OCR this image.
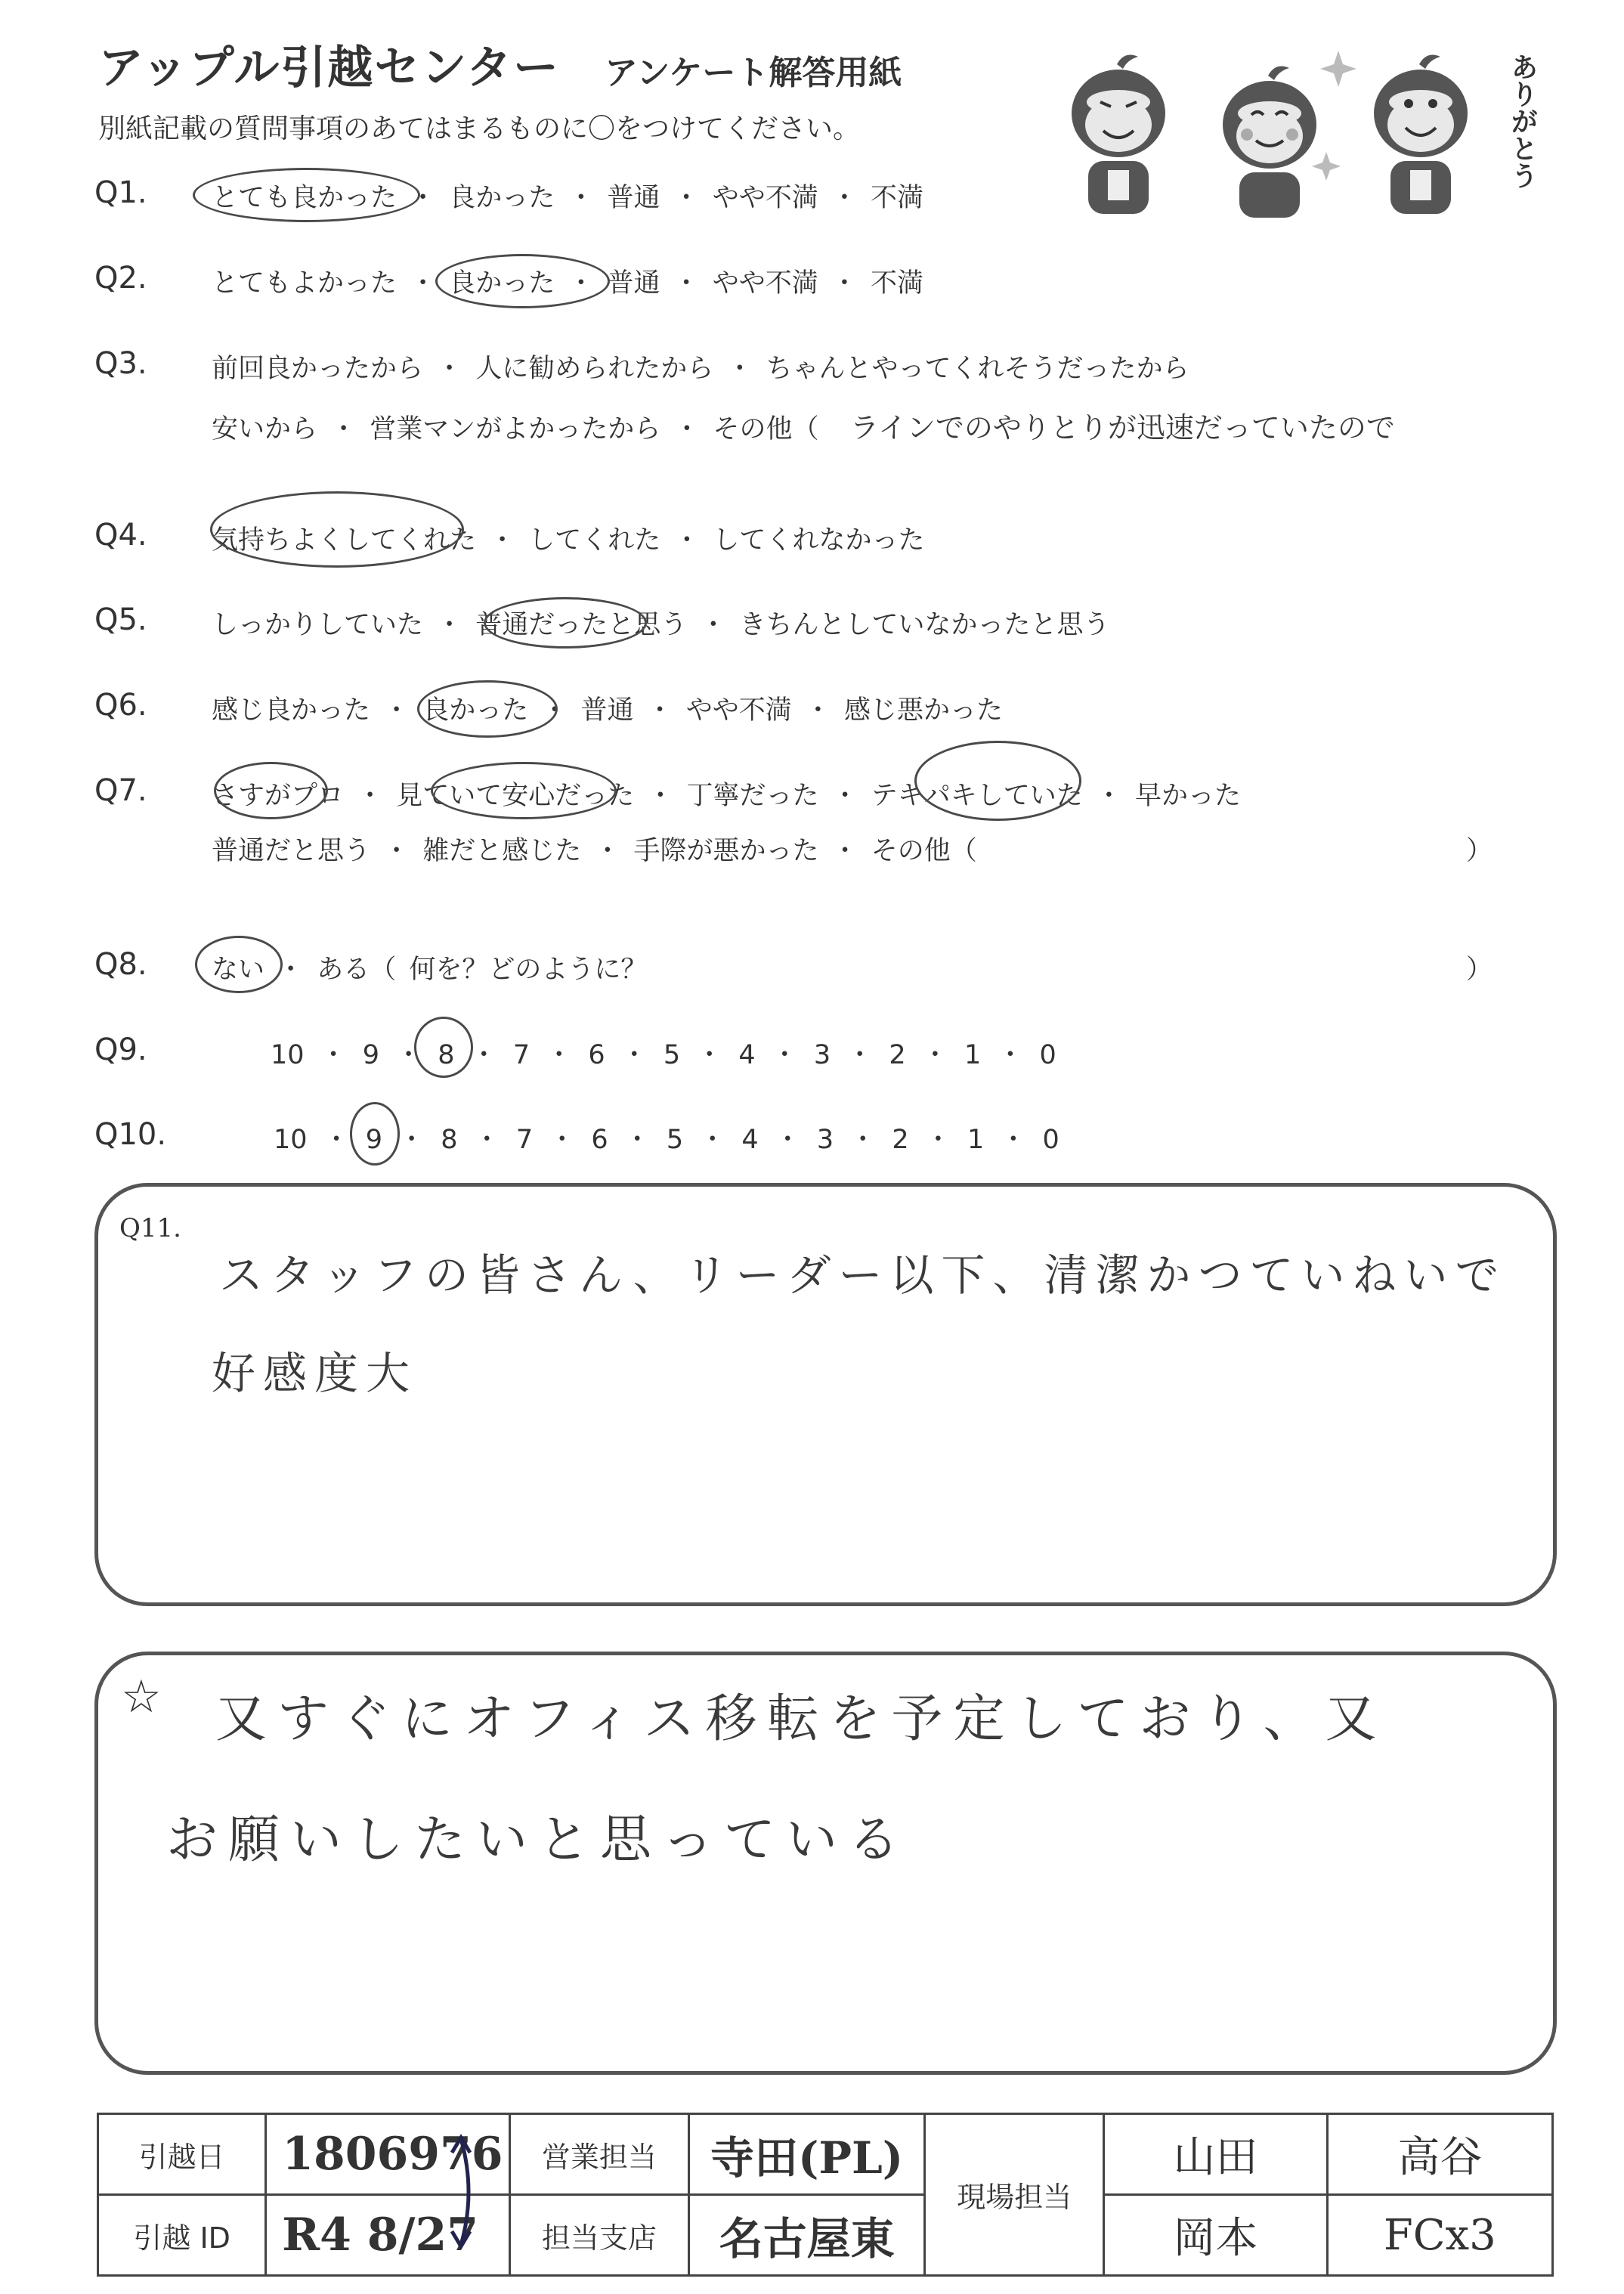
アップル引越センター アンケート解答用紙
別紙記載の質問事項のあてはまるものに〇をつけてください。	ありがとう
Q1. とても良かった ・ 良かった ・ 普通 ・ やや不満 ・ 不満
Q2. とてもよかった ・ 良かった ・ 普通 ・ やや不満 ・ 不満
Q3. 前回良かったから ・ 人に勧められたから ・ ちゃんとやってくれそうだったから
安いから ・ 営業マンがよかったから ・ その他（ ラインでのやりとりが迅速だっていたので
Q4. 気持ちよくしてくれた ・ してくれた ・ してくれなかった
Q5. しっかりしていた ・ 普通だったと思う ・ きちんとしていなかったと思う
Q6. 感じ良かった ・ 良かった ・ 普通 ・ やや不満 ・ 感じ悪かった
Q7. さすがプロ ・ 見ていて安心だった ・ 丁寧だった ・ テキパキしていた ・ 早かった
普通だと思う ・ 雑だと感じた ・ 手際が悪かった ・ その他（	）
Q8. ない ・ ある（ 何を？どのように？	）
Q9.	10 ・ 9 ・ 8 ・ 7 ・ 6 ・ 5 ・ 4 ・ 3 ・ 2 ・ 1 ・ 0
Q10.	10 ・ 9 ・ 8 ・ 7 ・ 6 ・ 5 ・ 4 ・ 3 ・ 2 ・ 1 ・ 0
Q11.
スタッフの皆さん、リーダー以下、清潔かつていねいで
好感度大
☆ 又すぐにオフィス移転を予定しており、又
お願いしたいと思っている
引越日	1806976	営業担当	寺田(PL)	現場担当	山田	高谷
引越 ID	R4 8/27	担当支店	名古屋東		岡本	FCx3
